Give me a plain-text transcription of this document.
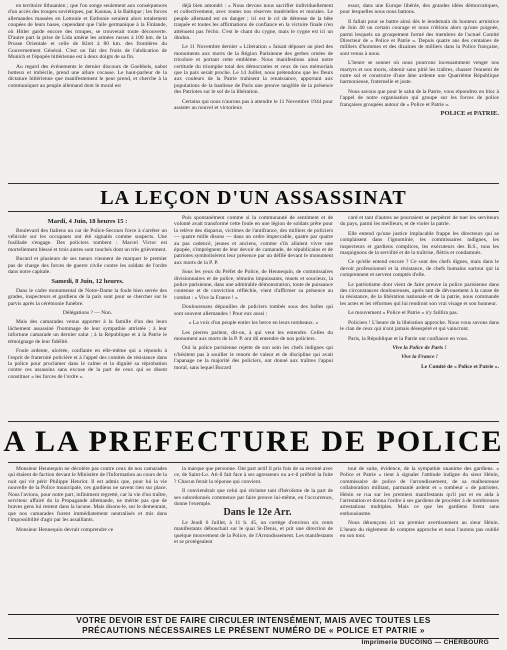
en territoire lithuanien ; que l'on songe seulement aux conséquences d'un accès des troupes soviétiques, par Kaunas, à la Baltique ; les forces allemandes massées en Lettonie et Esthonie seraient alors totalement coupées de leurs bases, cependant que l'aile germanique à la Finlande, où Hitler garde encore des troupes, se trouverait toute découverte. D'autre part la prise de Lida amène les armées russes à 100 km. de la Prusse Orientale et celle de Kirei à 80 km. des frontières du Gouvernement Général. C'est un fait des fruits de l'abdication de Munich et l'épopée hitlérienne est à deux doigts de sa fin.

Au regard des événements le dernier discours de Goebbels, nabot botteux et imbécile, prend une allure cocasse. Le haut-parleur de la dictature hitlérienne que manifestement le peur prend, et cherche à la communiquer au peuple allemand dont le moral est

déjà bien amondri : « Nous devons nous sacrifier individuellement et collectivement, avec toutes nos réserves matérielles et morales. Le peuple allemand est en danger ; ici est le cri de détresse de la bête traquée et toutes les affirmations de confiance en la victoire finale n'en atténuent pas l'écho. C'est le chant du cygne, mais le cygne est ici un dindon.

Le 11 Novembre dernier « Libération » faisait déposer au pied des monuments aux morts de la Région Parisienne des gerbes ornées de tricolore et portant cette emblème. Nous manifestions ainsi notre certitude du triomphe total des démocraties et ceux de nos mémorials que la paix serait proche. Le 14 Juillet, nous prétendons que les fleurs aux couleurs de la Patrie trahisent la renaissance, apportant aux populations de la banlieue de Paris une preuve tangible de la présence des Patriotes sur le sol de la libération.

Certains qui nous n'aurons pas à attendre le 11 Novembre 1944 pour assister au nouvel et victorieux

essor, dans une Europe libérée, des grandes idées démocratiques, pour lesquelles nous nous battons.

Il fallait pour se battre ainsi dès le lendemain du honteux armistice de Juin 40 un certain courage et nous n'étions alors qu'une poignée, parmi lesquels un groupement formé des membres de l'actuel Comité Directeur de « Police et Patrie ». Depuis quatre ans des centaines de milliers d'hommes et des dizaines de milliers dans la Police française, sont venus à nous.

L'heure se sonner où nous pourrons incessamment venger nos martyrs et nos morts, obtenir sans pitié les traîtres, chasser l'ennemi de notre sol et construire d'une âme ardente une Quatrième République harmonieuse, fraternelle et juste.

Nous savons que pour le salut de la Patrie, vous répondrez en bloc à l'appel de notre organisation qui groupe sur les forces de police françaises groupées autour de « Police et Patrie ».

POLICE et PATRIE.

LA LEÇON D'UN ASSASSINAT

Mardi, 4 Juin, 18 heures 15 :

Boulevard des Italiens un car de Police-Secours force à s'arrêter un véhicule sur les occupants ont été signalés comme suspects. Une fusillade s'engage. Des policiers tombent : Marcel Victor est mortellement blessé et trois autres sont touchés dont un très grièvement.

Bucard et plusieurs de ses tueurs viennent de marquer le premier pas de charge des forces de guerre civile contre les soldats de l'ordre dans notre capitale.

Samedi, 8 Juin, 12 heures.

Dans le cadre monumental de Notre-Dame la foule bien serrée des grades, inspecteurs et gardiens de la paix sont pour se chercher sur le parvis après la cérémonie funèbre.

Délégations ? — Non.

Mais des camarades venus apporter à la famille d'un des leurs lâchement assassiné l'hommage de leur sympathie attristée ; à leur infortune camarade un dernier salut ; à la République et à la Patrie le témoignage de leur fidélité.

Foule ardente, ulcérée, confiante en elle-même qui a répondu à l'esprit de fraternité policière et à l'appel des comités de résistance dans la police pour proclamer dans le calme et la dignité sa réprobation contre ces assassins sans excuse de la part de ceux qui se disent constituer « les forces de l'ordre ».

Puis spontanément comme si la communauté de sentiment et de volonté avait transformé cette foule en une légion de soldats prête pour la relève des disparus, victimes de l'antifrance, des milliers de policiers — quatre mille disons — dans un ordre impeccable, quatre par quatre au pas cadencé, jeunes et anciens, comme s'ils allaient vivre une épopée, s'imprègnent de leur devoir de camarade, de républicains et de patriotes symbolisèrent leur présence par un défilé devant le monument aux morts de la P. P.

Sous les yeux du Préfet de Police, de Hennequin, de commissaires divisionnaires et de police, témoins impuissants, muets et soucieux, la police parisienne, dans une admirable démonstration, toute de puissance contenue et de conviction réfléchie, vient d'affirmer sa présence au combat : « Vive la France ! »

Douloureuses dépouilles de policiers tombés sous des balles qui sont souvent allemandes ! Pour eux aussi :

« La voix d'un peuple entier les berce en leurs tombeaux. »

Les pierres parlent, dit-on, à qui veut les entendre. Celles du monument aux morts de la P. P. ont dû entendre de nos policiers.

Oui la police parisienne rejette de son sein les chefs indignes qui n'hésitent pas à souiller le renom de valeur et de discipline qui avait l'apanage ne la majorité des policiers, ont donné aux traîtres l'appui moral, sans lequel Bucard

card et tant d'autres ne pourraient se perpétrer de tuer les serviteurs du pays, parmi les meilleurs, et de violer la patrie.

Elle entend qu'une justice implacable frappe les directeurs qui se complaisent dans l'ignominie, les commissaires indignes, les inspecteurs et gardiens complices, les exécuteurs des B.S., tous les maquignons de la servilité et de la traîtrise, flétris et condamnés.

Ce qu'elle entend encore ? Ce sont des chefs dignes, mais dans le devoir professionnel et la résistance, de chefs humains surtout qui la comprennent et servent comptés d'elle.

Le patriotisme dont vient de faire preuve la police parisienne dans des circonstances douloureuses, après tant de dévouement à la cause de la résistance, de la libération nationale et de la patrie, nous commande les actes et les réformes qui lui rendront son vrai visage et son honneur.

Le mouvement « Police et Patrie » n'y faillira pas.

Policiers ! L'heure de la libération approche. Nous vous savons dans le clan de ceux qui n'ont jamais désespéré et qui vaincront.

Paris, la République et la Patrie ont confiance en vous.

Vive la Police de Paris !

Vive la France !

Le Comité de « Police et Patrie ».

A LA PREFECTURE DE POLICE

Monsieur Hennequin ne décolère pas contre ceux de nos camarades qui étaient de faction devant le Ministère de l'Information au cours de la nuit qui vit périr Philippe Henriot. Il est admis que, pour lui la vie nouvelle de la Police municipale, ces gardiens ne savent rien sur place. Nous l'avions, pour notre part, infiniment regretté, car la vie d'un traître, serviteur affairé du la Propagande allemande, ne mérite pas que de braves gens lui restent dans la lacune. Mais disons-le, sur le demeurant, que nos camarades furent immédiatement neutralisés et mis dans l'impossibilité d'agir par les assaillants.

Monsieur Hennequin devrait comprendre ce

la marque que personne. Ont part actif il pris fois de sa recenté avec ce, de Saint-Lo. Ati-il fait face à ses agresseurs ou a-t-il préféré la fuite ? Chacun ferait la réponse qui convient.

Il conviendrait que celui qui réclame tant d'héroïsme de la part de ses subordonnés commence par faire preuve lui-même, en l'occurrence, donne l'exemple.

Dans le 12e Arr.

Le Jeudi 6 Juillet, à 11 h. 45, un cortège d'environ six cents manifestants débouchait sur le quai St-Denis, et prit une direction de quelque mouvement de la Police, de l'Arrondissement. Les manifestants et se protégeaient

tout de suite, évidence, de la sympathie unanime des gardiens. « Police et Patrie » tient à signaler l'attitude indigne du sieur Hénin, commissaire de police de l'arrondissement, de sa malheureuse collaboration militant, parmanlé ardent et « tombeur » de patriotes. Hénin se rua sur les premiers manifestants qu'il put et en aida à l'arrestation et donna l'ordre à ses gardiens de procéder à de nombreuses arrestations multiples. Mais ce que les gardiens firent sans enthousiasme.

Nous dénonçons ici un premier avertissement au sieur Hénin. L'heure du règlement de comptes approche et nous l'aurons pas oublié en son tour.

VOTRE DEVOIR EST DE FAIRE CIRCULER INTENSÉMENT, MAIS AVEC TOUTES LES
PRÉCAUTIONS NÉCESSAIRES LE PRÉSENT NUMÉRO DE « POLICE ET PATRIE »
Imprimerie DUCOING — CHERBOURG
